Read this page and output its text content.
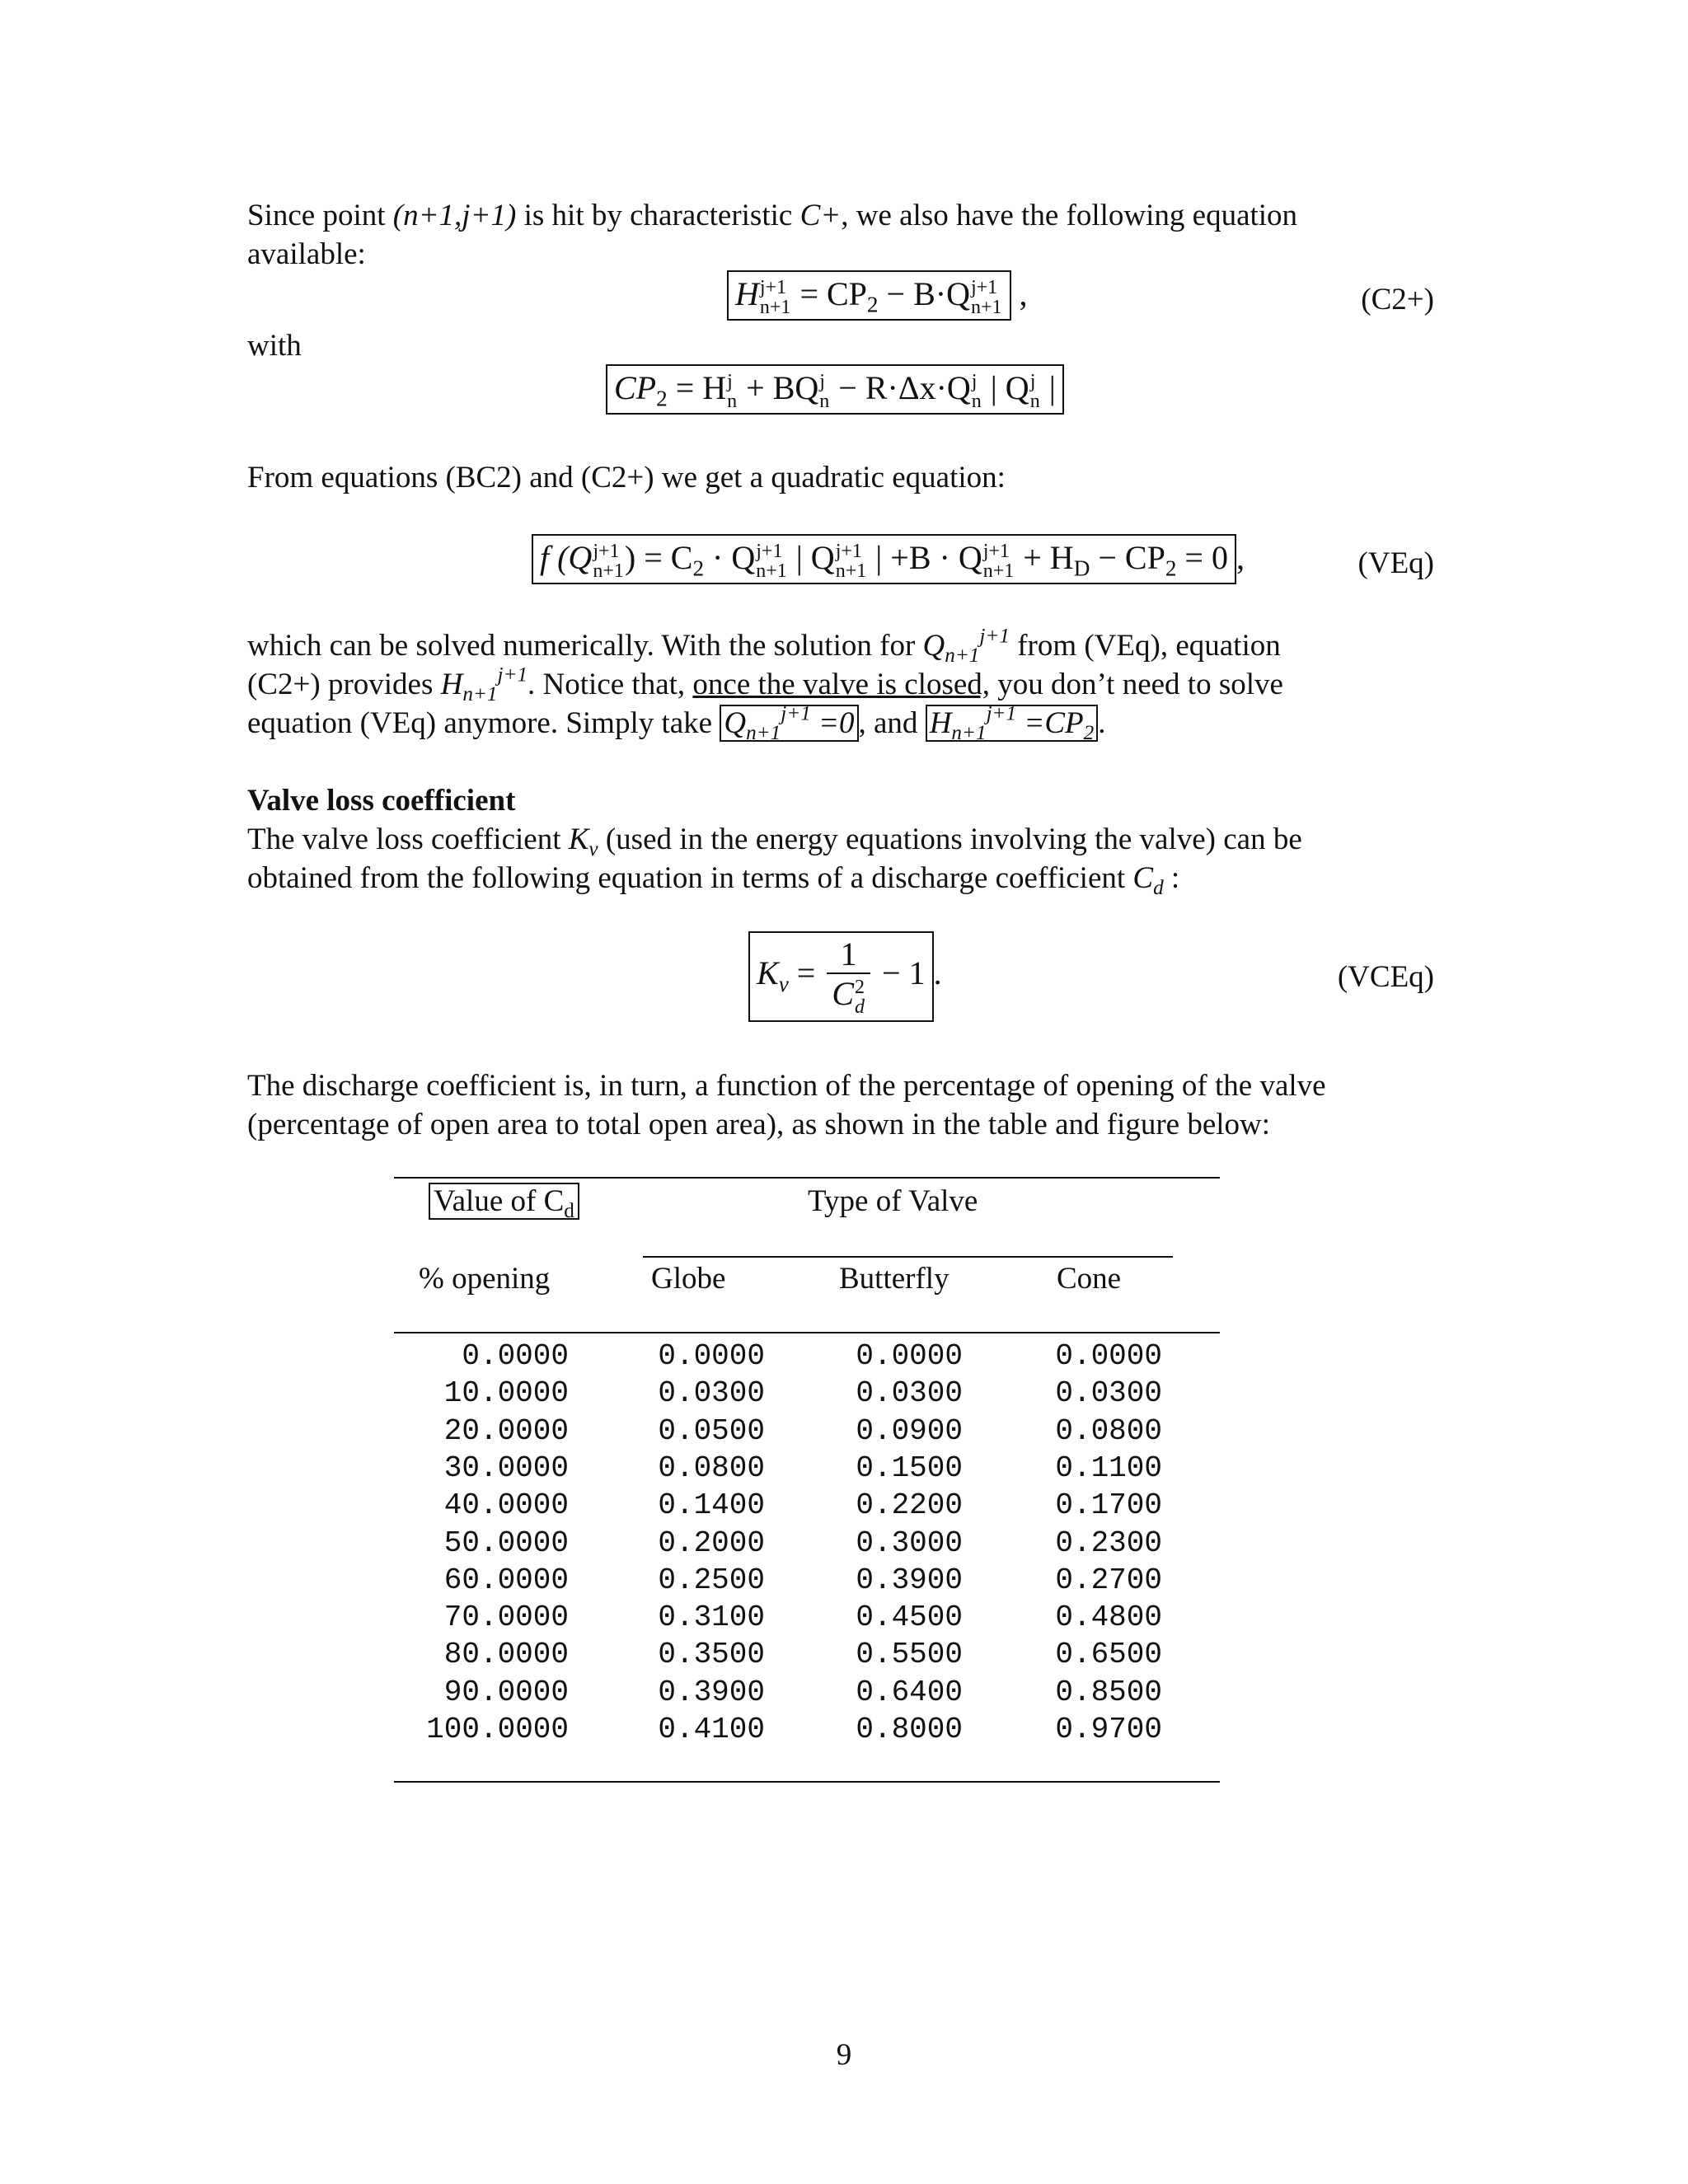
Since point (n+1,j+1) is hit by characteristic C+, we also have the following equation
available:

H j+1
$n+1 = CP_2 - B\cdot Q$ j+1
n+1 ,	(C2+)

with

$CP_2 = H$ j
n + BQ j
n − R·Δx·Q j
n | Q j
n |

From equations (BC2) and (C2+) we get a quadratic equation:

f (Q j+1
n+1 ) = $C_2 \cdot Q$ j+1
n+1 | Q j+1
n+1 | +B · Q j+1
$n+1 + H_D - CP_2 = 0$ ,	(VEq)

which can be solved numerically. With the solution for $Q_{n+1}^{j+1}$ from (VEq), equation
(C2+) provides $H_{n+1}^{j+1}$. Notice that, once the valve is closed, you don’t need to solve
equation (VEq) anymore. Simply take $Q_{n+1}^{j+1} =0$ , and $H_{n+1}^{j+1} =CP_2$ .

Valve loss coefficient

The valve loss coefficient $K_v$ (used in the energy equations involving the valve) can be
obtained from the following equation in terms of a discharge coefficient $C_d$ :

$K_v = 1$
C 2
d − 1 .	(VCEq)

The discharge coefficient is, in turn, a function of the percentage of opening of the valve
(percentage of open area to total open area), as shown in the table and figure below:

Value of $C_d$	Type of Valve
% opening	Globe	Butterfly	Cone
0.0000	0.0000	0.0000	0.0000
10.0000	0.0300	0.0300	0.0300
20.0000	0.0500	0.0900	0.0800
30.0000	0.0800	0.1500	0.1100
40.0000	0.1400	0.2200	0.1700
50.0000	0.2000	0.3000	0.2300
60.0000	0.2500	0.3900	0.2700
70.0000	0.3100	0.4500	0.4800
80.0000	0.3500	0.5500	0.6500
90.0000	0.3900	0.6400	0.8500
100.0000	0.4100	0.8000	0.9700
9
